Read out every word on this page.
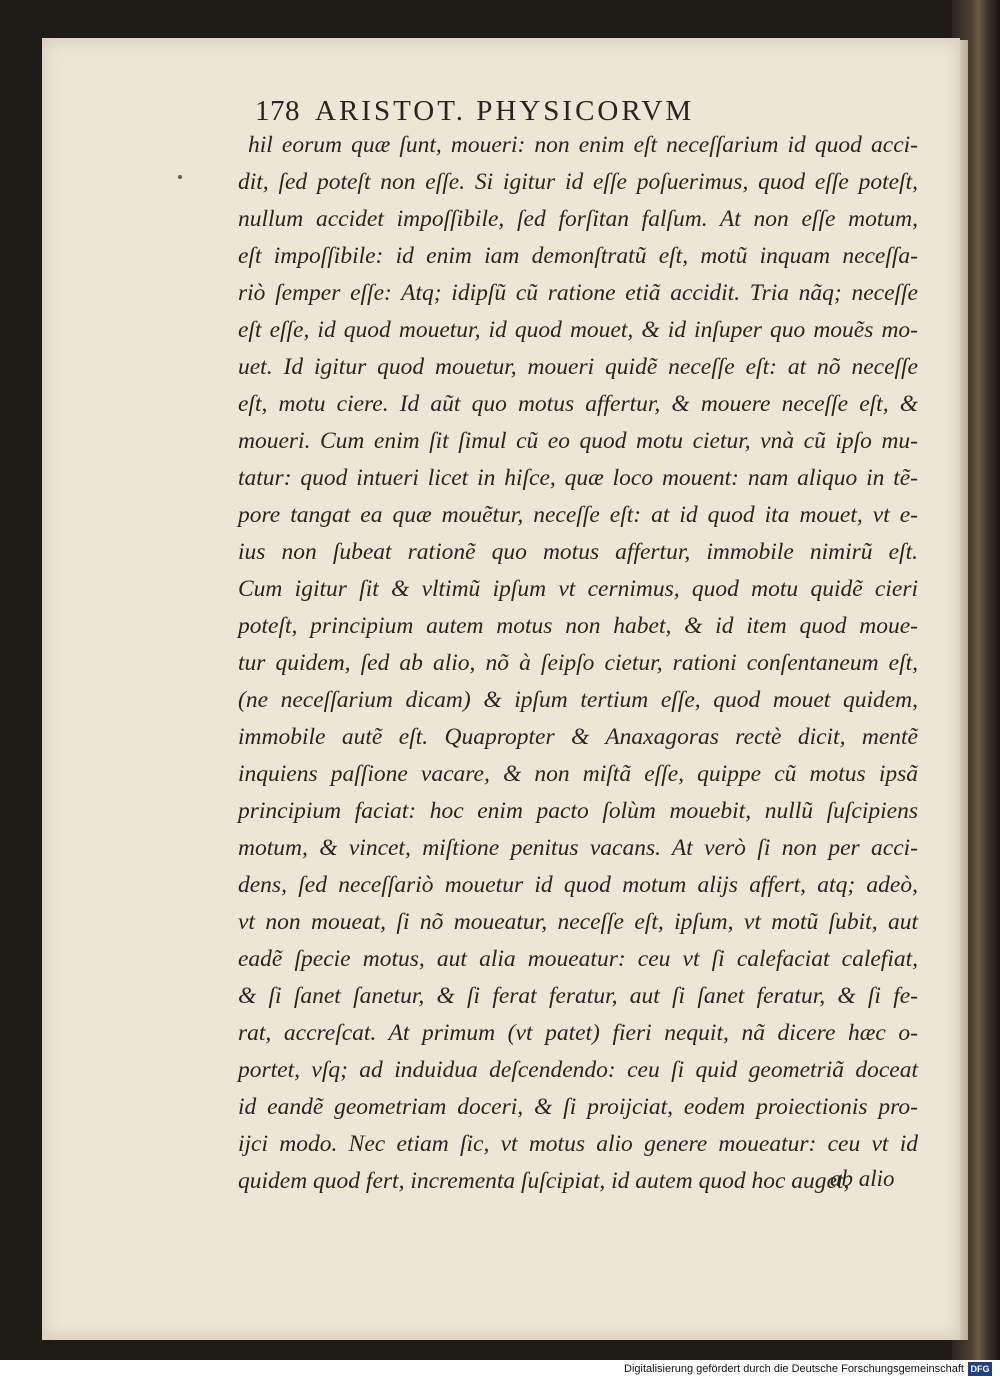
178 ARISTOT. PHYSICORVM
hil eorum quæ ſunt, moueri: non enim eſt neceſſarium id quod acci-
dit, ſed poteſt non eſſe. Si igitur id eſſe poſuerimus, quod eſſe poteſt,
nullum accidet impoſſibile, ſed forſitan falſum. At non eſſe motum,
eſt impoſſibile: id enim iam demonſtratũ eſt, motũ inquam neceſſa-
riò ſemper eſſe: Atq; idipſũ cũ ratione etiã accidit. Tria nãq; neceſſe
eſt eſſe, id quod mouetur, id quod mouet, & id inſuper quo mouẽs mo-
uet. Id igitur quod mouetur, moueri quidẽ neceſſe eſt: at nõ neceſſe
eſt, motu ciere. Id aũt quo motus affertur, & mouere neceſſe eſt, &
moueri. Cum enim ſit ſimul cũ eo quod motu cietur, vnà cũ ipſo mu-
tatur: quod intueri licet in hiſce, quæ loco mouent: nam aliquo in tẽ-
pore tangat ea quæ mouẽtur, neceſſe eſt: at id quod ita mouet, vt e-
ius non ſubeat rationẽ quo motus affertur, immobile nimirũ eſt.
Cum igitur ſit & vltimũ ipſum vt cernimus, quod motu quidẽ cieri
poteſt, principium autem motus non habet, & id item quod moue-
tur quidem, ſed ab alio, nõ à ſeipſo cietur, rationi conſentaneum eſt,
(ne neceſſarium dicam) & ipſum tertium eſſe, quod mouet quidem,
immobile autẽ eſt. Quapropter & Anaxagoras rectè dicit, mentẽ
inquiens paſſione vacare, & non miſtã eſſe, quippe cũ motus ipsã
principium faciat: hoc enim pacto ſolùm mouebit, nullũ ſuſcipiens
motum, & vincet, miſtione penitus vacans. At verò ſi non per acci-
dens, ſed neceſſariò mouetur id quod motum alijs affert, atq; adeò,
vt non moueat, ſi nõ moueatur, neceſſe eſt, ipſum, vt motũ ſubit, aut
eadẽ ſpecie motus, aut alia moueatur: ceu vt ſi calefaciat calefiat,
& ſi ſanet ſanetur, & ſi ferat feratur, aut ſi ſanet feratur, & ſi fe-
rat, accreſcat. At primum (vt patet) fieri nequit, nã dicere hæc o-
portet, vſq; ad induidua deſcendendo: ceu ſi quid geometriã doceat
id eandẽ geometriam doceri, & ſi proijciat, eodem proiectionis pro-
ijci modo. Nec etiam ſic, vt motus alio genere moueatur: ceu vt id
quidem quod fert, incrementa ſuſcipiat, id autem quod hoc auget,
ab alio
Digitalisierung gefördert durch die Deutsche Forschungsgemeinschaft DFG
